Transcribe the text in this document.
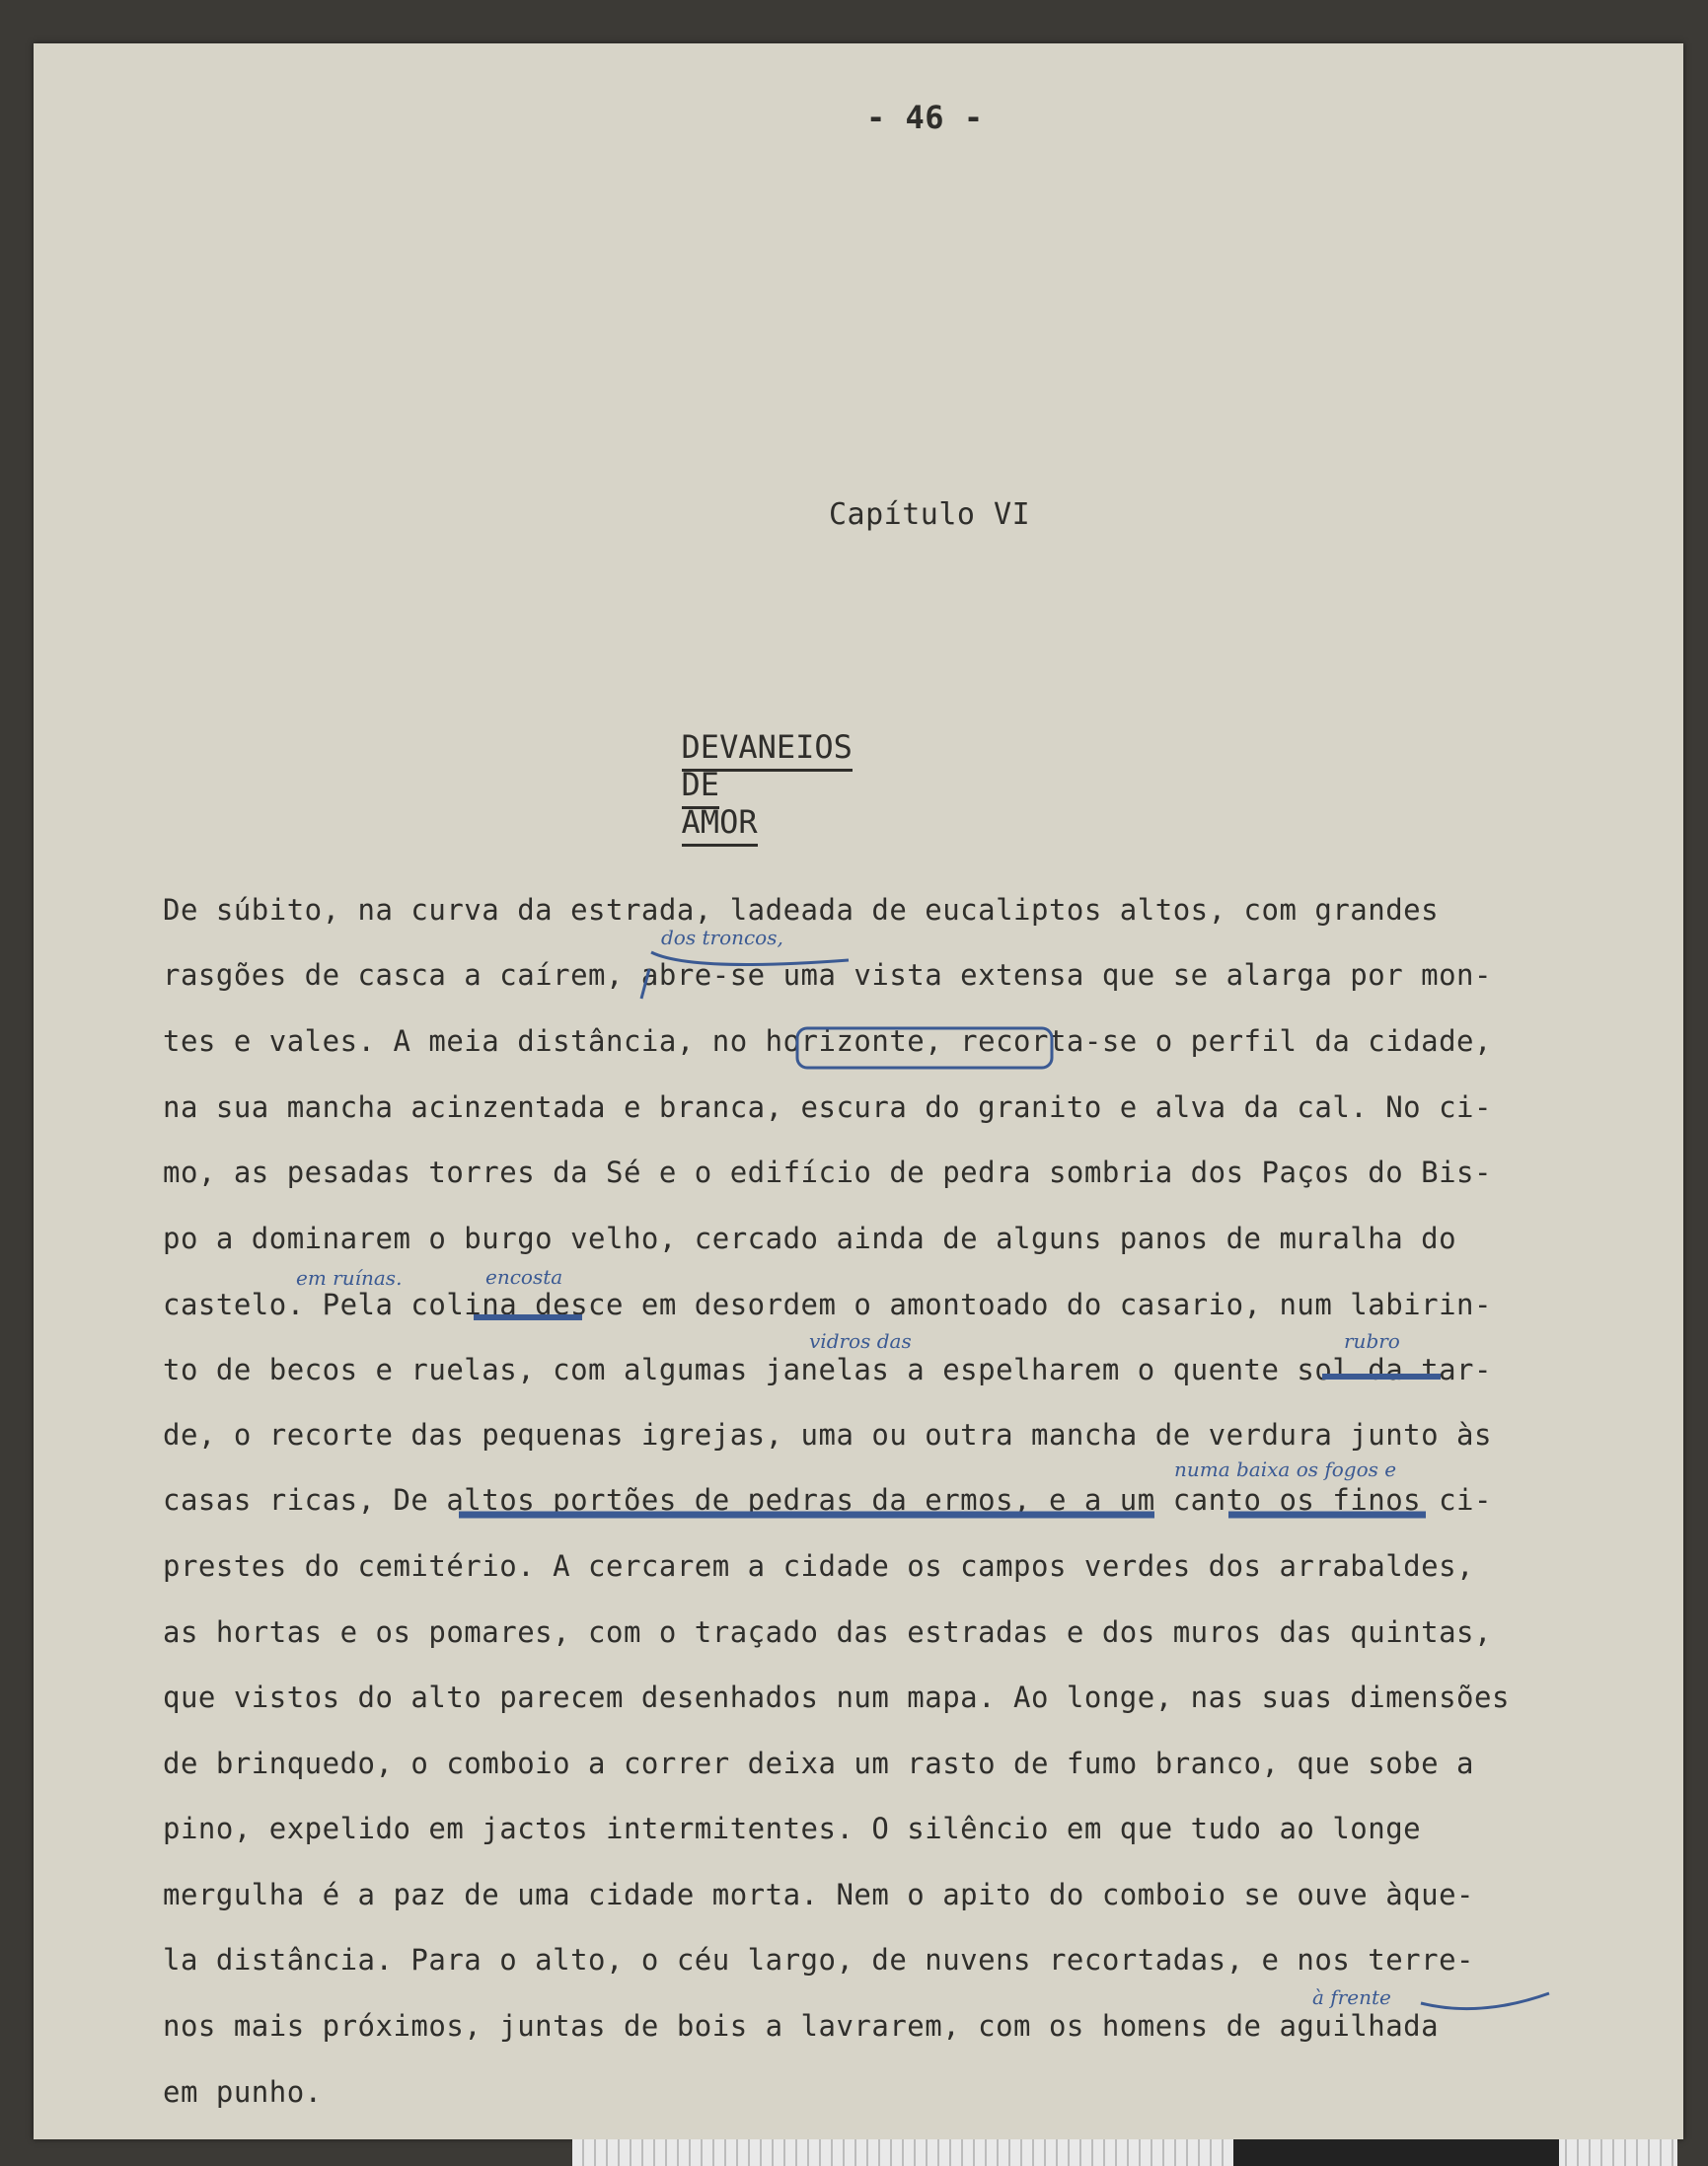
- 46 -
Capítulo VI

DEVANEIOS
DE
AMOR

De súbito, na curva da estrada, ladeada de eucaliptos altos, com grandes
rasgões de casca a caírem, abre-se uma vista extensa que se alarga por mon-
tes e vales. A meia distância, no horizonte, recorta-se o perfil da cidade,
na sua mancha acinzentada e branca, escura do granito e alva da cal. No ci-
mo, as pesadas torres da Sé e o edifício de pedra sombria dos Paços do Bis-
po a dominarem o burgo velho, cercado ainda de alguns panos de muralha do
castelo. Pela colina desce em desordem o amontoado do casario, num labirin-
to de becos e ruelas, com algumas janelas a espelharem o quente sol da tar-
de, o recorte das pequenas igrejas, uma ou outra mancha de verdura junto às
casas ricas, De altos portões de pedras da ermos, e a um canto os finos ci-
prestes do cemitério. A cercarem a cidade os campos verdes dos arrabaldes,
as hortas e os pomares, com o traçado das estradas e dos muros das quintas,
que vistos do alto parecem desenhados num mapa. Ao longe, nas suas dimensões
de brinquedo, o comboio a correr deixa um rasto de fumo branco, que sobe a
pino, expelido em jactos intermitentes. O silêncio em que tudo ao longe
mergulha é a paz de uma cidade morta. Nem o apito do comboio se ouve àque-
la distância. Para o alto, o céu largo, de nuvens recortadas, e nos terre-
nos mais próximos, juntas de bois a lavrarem, com os homens de aguilhada
em punho.
dos troncos,
em ruínas.	encosta
vidros das	rubro
numa baixa os fogos e
à frente
